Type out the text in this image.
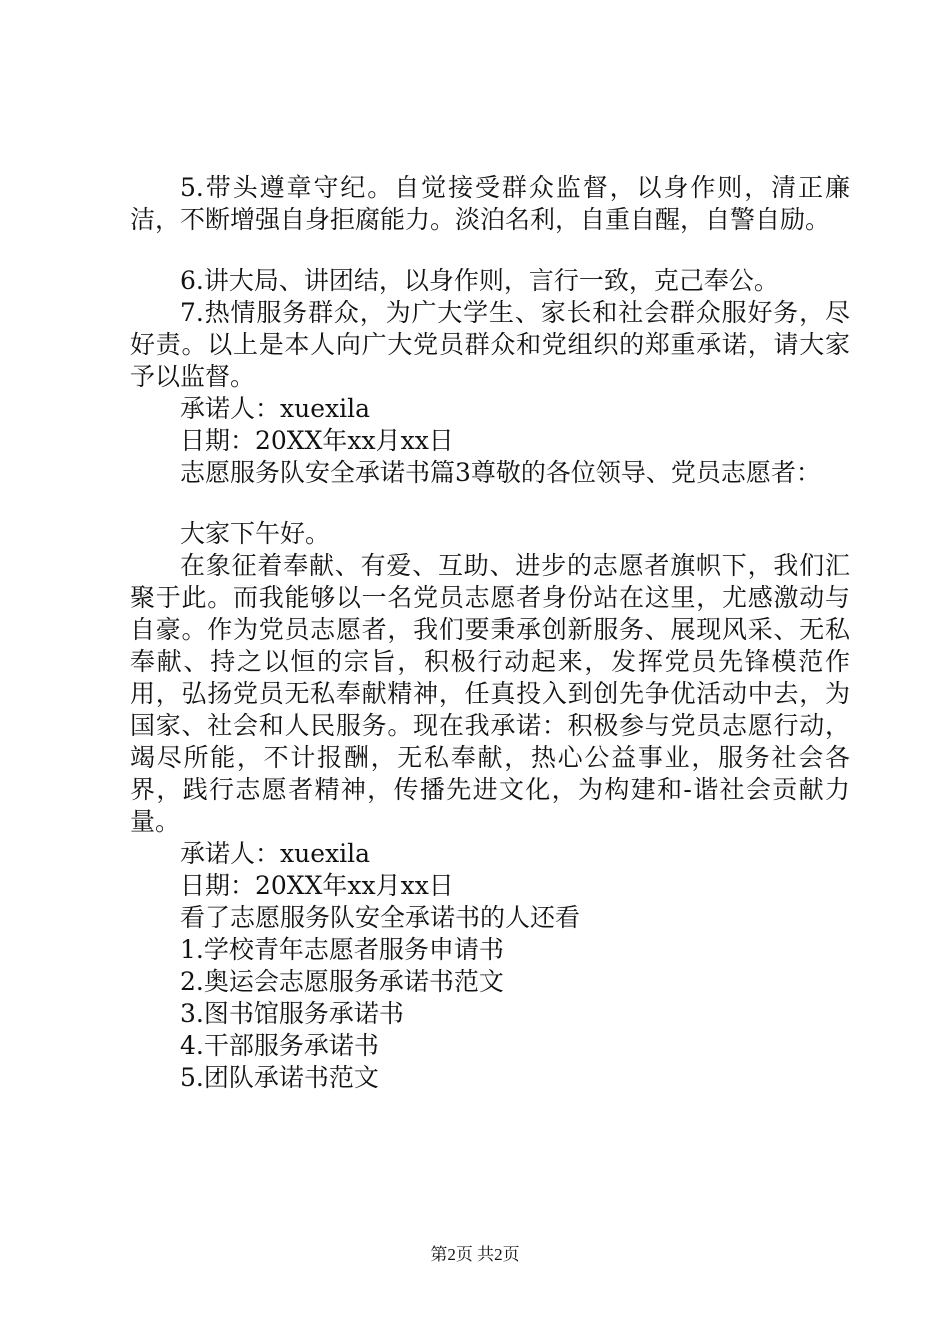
5.带头遵章守纪。自觉接受群众监督，以身作则，清正廉洁，不断增强自身拒腐能力。淡泊名利，自重自醒，自警自励。

6.讲大局、讲团结，以身作则，言行一致，克己奉公。

7.热情服务群众，为广大学生、家长和社会群众服好务，尽好责。以上是本人向广大党员群众和党组织的郑重承诺，请大家予以监督。

承诺人：xuexila

日期：20XX年xx月xx日

志愿服务队安全承诺书篇3尊敬的各位领导、党员志愿者：

大家下午好。

在象征着奉献、有爱、互助、进步的志愿者旗帜下，我们汇聚于此。而我能够以一名党员志愿者身份站在这里，尤感激动与自豪。作为党员志愿者，我们要秉承创新服务、展现风采、无私奉献、持之以恒的宗旨，积极行动起来，发挥党员先锋模范作用，弘扬党员无私奉献精神，任真投入到创先争优活动中去，为国家、社会和人民服务。现在我承诺：积极参与党员志愿行动，竭尽所能，不计报酬，无私奉献，热心公益事业，服务社会各界，践行志愿者精神，传播先进文化，为构建和-谐社会贡献力量。

承诺人：xuexila

日期：20XX年xx月xx日

看了志愿服务队安全承诺书的人还看

1.学校青年志愿者服务申请书

2.奥运会志愿服务承诺书范文

3.图书馆服务承诺书

4.干部服务承诺书

5.团队承诺书范文

第2页 共2页
